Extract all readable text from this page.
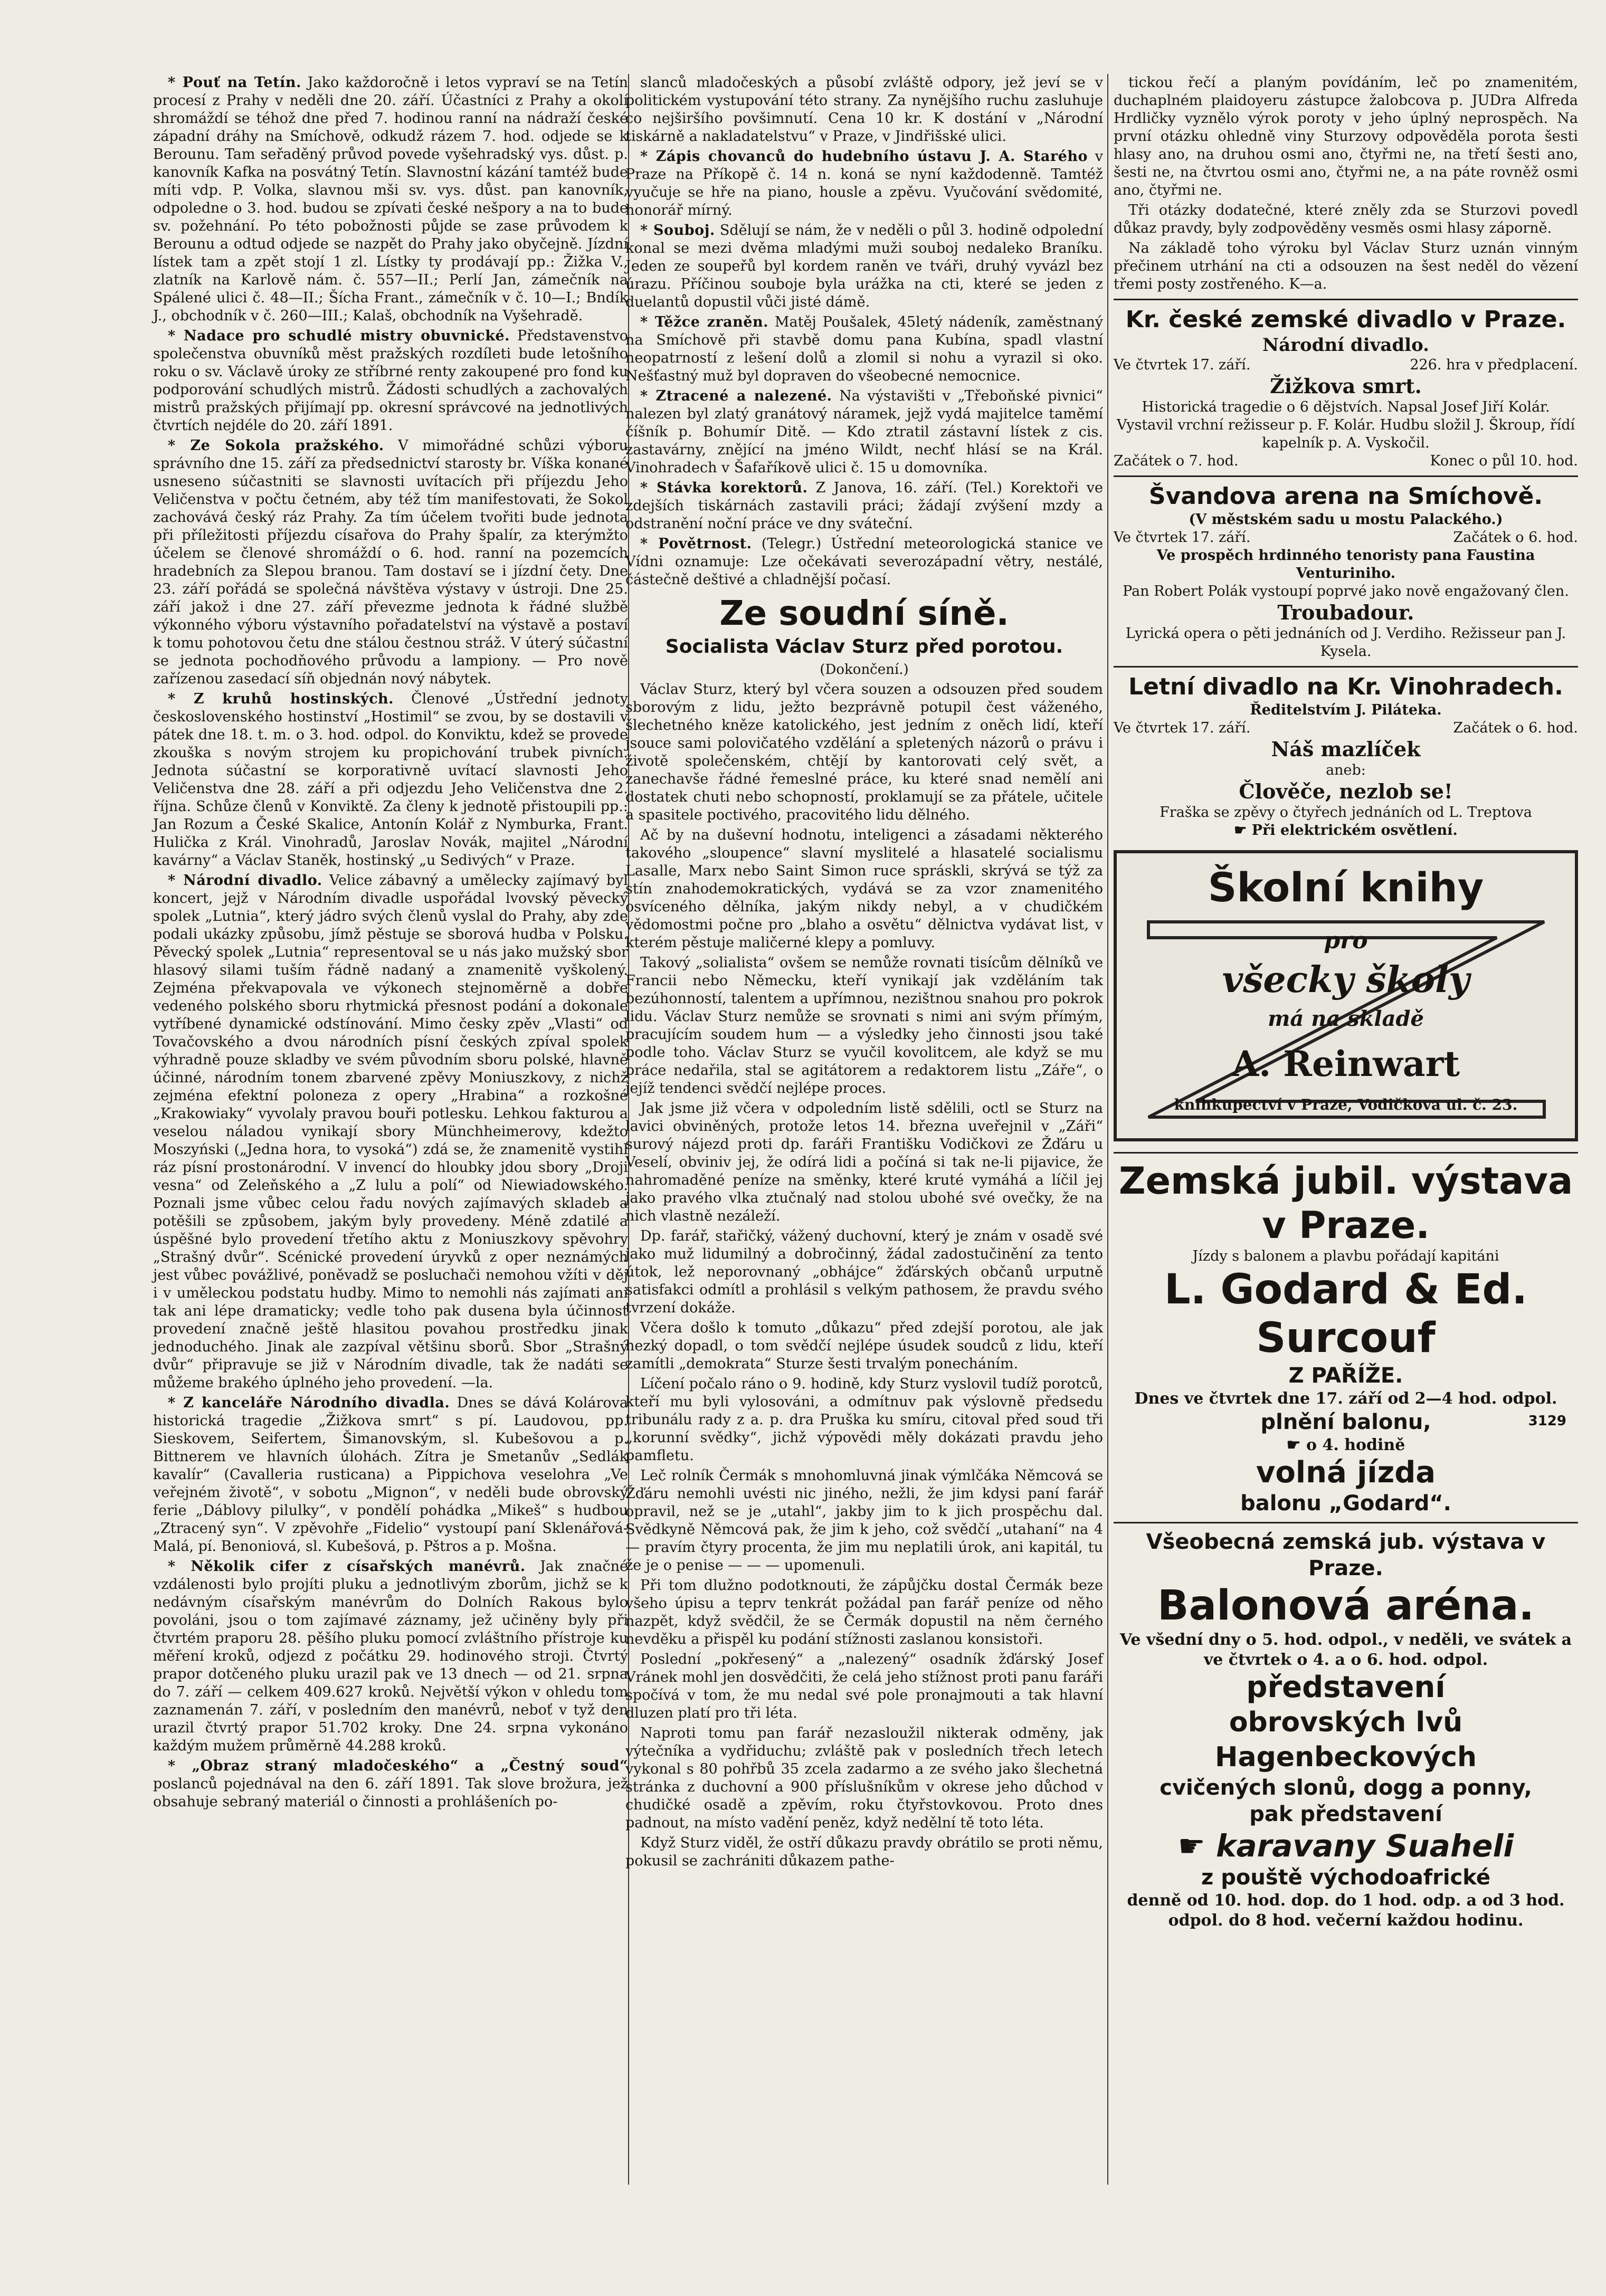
* Pouť na Tetín. Jako každoročně i letos vypraví se na Tetín procesí z Prahy v neděli dne 20. září. Účastníci z Prahy a okolí shromáždí se téhož dne před 7. hodinou ranní na nádraží české západní dráhy na Smíchově, odkudž rázem 7. hod. odjede se k Berounu. Tam seřaděný průvod povede vyšehradský vys. důst. p. kanovník Kafka na posvátný Tetín. Slavnostní kázání tamtéž bude míti vdp. P. Volka, slavnou mši sv. vys. důst. pan kanovník, odpoledne o 3. hod. budou se zpívati české nešpory a na to bude sv. požehnání. Po této pobožnosti půjde se zase průvodem k Berounu a odtud odjede se nazpět do Prahy jako obyčejně. Jízdní lístek tam a zpět stojí 1 zl. Lístky ty prodávají pp.: Žižka V., zlatník na Karlově nám. č. 557—II.; Perlí Jan, zámečník na Spálené ulici č. 48—II.; Šícha Frant., zámečník v č. 10—I.; Bndík J., obchodník v č. 260—III.; Kalaš, obchodník na Vyšehradě.

* Nadace pro schudlé mistry obuvnické. Představenstvo společenstva obuvníků měst pražských rozdíleti bude letošního roku o sv. Václavě úroky ze stříbrné renty zakoupené pro fond ku podporování schudlých mistrů. Žádosti schudlých a zachovalých mistrů pražských přijímají pp. okresní správcové na jednotlivých čtvrtích nejdéle do 20. září 1891.

* Ze Sokola pražského. V mimořádné schůzi výboru správního dne 15. září za předsednictví starosty br. Víška konané usneseno súčastniti se slavnosti uvítacích při příjezdu Jeho Veličenstva v počtu četném, aby též tím manifestovati, že Sokol zachovává český ráz Prahy. Za tím účelem tvořiti bude jednota při příležitosti příjezdu císařova do Prahy špalír, za kterýmžto účelem se členové shromáždí o 6. hod. ranní na pozemcích hradebních za Slepou branou. Tam dostaví se i jízdní čety. Dne 23. září pořádá se společná návštěva výstavy v ústroji. Dne 25. září jakož i dne 27. září převezme jednota k řádné službě výkonného výboru výstavního pořadatelství na výstavě a postaví k tomu pohotovou četu dne stálou čestnou stráž. V úterý súčastní se jednota pochodňového průvodu a lampiony. — Pro nově zařízenou zasedací síň objednán nový nábytek.

* Z kruhů hostinských. Členové „Ústřední jednoty československého hostinství „Hostimil“ se zvou, by se dostavili v pátek dne 18. t. m. o 3. hod. odpol. do Konviktu, kdež se provede zkouška s novým strojem ku propichování trubek pivních. Jednota súčastní se korporativně uvítací slavnosti Jeho Veličenstva dne 28. září a při odjezdu Jeho Veličenstva dne 2. října. Schůze členů v Konviktě. Za členy k jednotě přistoupili pp.: Jan Rozum a České Skalice, Antonín Kolář z Nymburka, Frant. Hulička z Král. Vinohradů, Jaroslav Novák, majitel „Národní kavárny“ a Václav Staněk, hostinský „u Sedivých“ v Praze.

* Národní divadlo. Velice zábavný a umělecky zajímavý byl koncert, jejž v Národním divadle uspořádal lvovský pěvecký spolek „Lutnia“, který jádro svých členů vyslal do Prahy, aby zde podali ukázky způsobu, jímž pěstuje se sborová hudba v Polsku. Pěvecký spolek „Lutnia“ representoval se u nás jako mužský sbor hlasový silami tuším řádně nadaný a znamenitě vyškolený. Zejména překvapovala ve výkonech stejnoměrně a dobře vedeného polského sboru rhytmická přesnost podání a dokonale vytříbené dynamické odstínování. Mimo česky zpěv „Vlasti“ od Tovačovského a dvou národních písní českých zpíval spolek výhradně pouze skladby ve svém původním sboru polské, hlavně účinné, národním tonem zbarvené zpěvy Moniuszkovy, z nichž zejména efektní poloneza z opery „Hrabina“ a rozkošné „Krakowiaky“ vyvolaly pravou bouři potlesku. Lehkou fakturou a veselou náladou vynikají sbory Münchheimerovy, kdežto Moszyński („Jedna hora, to vysoká“) zdá se, že znamenitě vystihl ráz písní prostonárodní. V invencí do hloubky jdou sbory „Droji vesna“ od Zeleňského a „Z lulu a polí“ od Niewiadowského. Poznali jsme vůbec celou řadu nových zajímavých skladeb a potěšili se způsobem, jakým byly provedeny. Méně zdatilé a úspěšné bylo provedení třetího aktu z Moniuszkovy spěvohry „Strašný dvůr“. Scénické provedení úryvků z oper neznámých jest vůbec povážlivé, poněvadž se posluchači nemohou vžíti v děj i v uměleckou podstatu hudby. Mimo to nemohli nás zajímati ani tak ani lépe dramaticky; vedle toho pak dusena byla účinnost provedení značně ještě hlasitou povahou prostředku jinak jednoduchého. Jinak ale zazpíval většinu sborů. Sbor „Strašný dvůr“ připravuje se již v Národním divadle, tak že nadáti se můžeme brakého úplného jeho provedení. —la.

* Z kanceláře Národního divadla. Dnes se dává Kolárova historická tragedie „Žižkova smrt“ s pí. Laudovou, pp. Sieskovem, Seifertem, Šimanovským, sl. Kubešovou a p. Bittnerem ve hlavních úlohách. Zítra je Smetanův „Sedlák kavalír“ (Cavalleria rusticana) a Pippichova veselohra „Ve veřejném životě“, v sobotu „Mignon“, v neděli bude obrovský ferie „Dáblovy pilulky“, v pondělí pohádka „Mikeš“ s hudbou „Ztracený syn“. V zpěvohře „Fidelio“ vystoupí paní Sklenářová-Malá, pí. Benoniová, sl. Kubešová, p. Pštros a p. Mošna.

* Několik cifer z císařských manévrů. Jak značné vzdálenosti bylo projíti pluku a jednotlivým zborům, jichž se k nedávným císařským manévrům do Dolních Rakous bylo povoláni, jsou o tom zajímavé záznamy, jež učiněny byly při čtvrtém praporu 28. pěšího pluku pomocí zvláštního přístroje ku měření kroků, odjezd z počátku 29. hodinového stroji. Čtvrtý prapor dotčeného pluku urazil pak ve 13 dnech — od 21. srpna do 7. září — celkem 409.627 kroků. Největší výkon v ohledu tom zaznamenán 7. září, v posledním den manévrů, neboť v tyž den urazil čtvrtý prapor 51.702 kroky. Dne 24. srpna vykonáno každým mužem průměrně 44.288 kroků.

* „Obraz straný mladočeského“ a „Čestný soud“ poslanců pojednával na den 6. září 1891. Tak slove brožura, jež obsahuje sebraný materiál o činnosti a prohlášeních po-

slanců mladočeských a působí zvláště odpory, jež jeví se v politickém vystupování této strany. Za nynějšího ruchu zasluhuje co nejširšího povšimnutí. Cena 10 kr. K dostání v „Národní tiskárně a nakladatelstvu“ v Praze, v Jindřišské ulici.

* Zápis chovanců do hudebního ústavu J. A. Starého v Praze na Příkopě č. 14 n. koná se nyní každodenně. Tamtéž vyučuje se hře na piano, housle a zpěvu. Vyučování svědomité, honorář mírný.

* Souboj. Sdělují se nám, že v neděli o půl 3. hodině odpolední konal se mezi dvěma mladými muži souboj nedaleko Braníku. Jeden ze soupeřů byl kordem raněn ve tváři, druhý vyvázl bez úrazu. Příčinou souboje byla urážka na cti, které se jeden z duelantů dopustil vůči jisté dámě.

* Těžce zraněn. Matěj Poušalek, 45letý nádeník, zaměstnaný na Smíchově při stavbě domu pana Kubína, spadl vlastní neopatrností z lešení dolů a zlomil si nohu a vyrazil si oko. Nešťastný muž byl dopraven do všeobecné nemocnice.

* Ztracené a nalezené. Na výstavišti v „Třeboňské pivnici“ nalezen byl zlatý granátový náramek, jejž vydá majitelce taměmí číšník p. Bohumír Ditě. — Kdo ztratil zástavní lístek z cis. zastavárny, znějící na jméno Wildt, nechť hlásí se na Král. Vinohradech v Šafaříkově ulici č. 15 u domovníka.

* Stávka korektorů. Z Janova, 16. září. (Tel.) Korektoři ve zdejších tiskárnách zastavili práci; žádají zvýšení mzdy a odstranění noční práce ve dny sváteční.

* Povětrnost. (Telegr.) Ústřední meteorologická stanice ve Vídni oznamuje: Lze očekávati severozápadní větry, nestálé, částečně deštivé a chladnější počasí.

Ze soudní síně.
Socialista Václav Sturz před porotou.
(Dokončení.)

Václav Sturz, který byl včera souzen a odsouzen před soudem sborovým z lidu, ježto bezprávně potupil čest váženého, šlechetného kněze katolického, jest jedním z oněch lidí, kteří jsouce sami polovičatého vzdělání a spletených názorů o právu i životě společenském, chtějí by kantorovati celý svět, a zanechavše řádné řemeslné práce, ku které snad nemělí ani dostatek chuti nebo schopností, proklamují se za přátele, učitele a spasitele poctivého, pracovitého lidu dělného.

Ač by na duševní hodnotu, inteligenci a zásadami některého takového „sloupence“ slavní myslitelé a hlasatelé socialismu Lasalle, Marx nebo Saint Simon ruce spráskli, skrývá se týž za stín znahodemokratických, vydává se za vzor znamenitého osvíceného dělníka, jakým nikdy nebyl, a v chudičkém vědomostmi počne pro „blaho a osvětu“ dělnictva vydávat list, v kterém pěstuje maličerné klepy a pomluvy.

Takový „solialista“ ovšem se nemůže rovnati tisícům dělníků ve Francii nebo Německu, kteří vynikají jak vzděláním tak bezúhonností, talentem a upřímnou, nezištnou snahou pro pokrok lidu. Václav Sturz nemůže se srovnati s nimi ani svým přímým, pracujícím soudem hum — a výsledky jeho činnosti jsou také podle toho. Václav Sturz se vyučil kovolitcem, ale když se mu práce nedařila, stal se agitátorem a redaktorem listu „Záře“, o jejíž tendenci svědčí nejlépe proces.

Jak jsme již včera v odpoledním listě sdělili, octl se Sturz na lavici obviněných, protože letos 14. března uveřejnil v „Záři“ surový nájezd proti dp. faráři Františku Vodičkovi ze Žďáru u Veselí, obviniv jej, že odírá lidi a počíná si tak ne-li pijavice, že nahromaděné peníze na směnky, které kruté vymáhá a líčil jej jako pravého vlka ztučnalý nad stolou ubohé své ovečky, že na nich vlastně nezáleží.

Dp. farář, stařičký, vážený duchovní, který je znám v osadě své jako muž lidumilný a dobročinný, žádal zadostučinění za tento útok, lež neporovnaný „obhájce“ žďárských občanů urputně satisfakci odmítl a prohlásil s velkým pathosem, že pravdu svého tvrzení dokáže.

Včera došlo k tomuto „důkazu“ před zdejší porotou, ale jak hezký dopadl, o tom svědčí nejlépe úsudek soudců z lidu, kteří zamítli „demokrata“ Sturze šesti trvalým ponecháním.

Líčení počalo ráno o 9. hodině, kdy Sturz vyslovil tudíž porotců, kteří mu byli vylosováni, a odmítnuv pak výslovně předsedu tribunálu rady z a. p. dra Pruška ku smíru, citoval před soud tři „korunní svědky“, jichž výpovědi měly dokázati pravdu jeho pamfletu.

Leč rolník Čermák s mnohomluvná jinak výmlčáka Němcová se Žďáru nemohli uvésti nic jiného, nežli, že jim kdysi paní farář opravil, než se je „utahl“, jakby jim to k jich prospěchu dal. Svědkyně Němcová pak, že jim k jeho, což svědčí „utahaní“ na 4 — pravím čtyry procenta, že jim mu neplatili úrok, ani kapitál, tu že je o penise — — — upomenuli.

Při tom dlužno podotknouti, že zápůjčku dostal Čermák beze všeho úpisu a teprv tenkrát požádal pan farář peníze od něho nazpět, když svědčil, že se Čermák dopustil na něm černého nevděku a přispěl ku podání stížnosti zaslanou konsistoři.

Poslední „pokřesený“ a „nalezený“ osadník žďárský Josef Vránek mohl jen dosvědčiti, že celá jeho stížnost proti panu faráři spočívá v tom, že mu nedal své pole pronajmouti a tak hlavní dluzen platí pro tři léta.

Naproti tomu pan farář nezasloužil nikterak odměny, jak výtečníka a vydřiduchu; zvláště pak v posledních třech letech vykonal s 80 pohřbů 35 zcela zadarmo a ze svého jako šlechetná stránka z duchovní a 900 příslušníkům v okrese jeho důchod v chudičké osadě a zpěvím, roku čtyřstovkovou. Proto dnes padnout, na místo vadění peněz, když nedělní tě toto léta.

Když Sturz viděl, že ostří důkazu pravdy obrátilo se proti němu, pokusil se zachrániti důkazem pathe-

tickou řečí a planým povídáním, leč po znamenitém, duchaplném plaidoyeru zástupce žalobcova p. JUDra Alfreda Hrdličky vyznělo výrok poroty v jeho úplný neprospěch. Na první otázku ohledně viny Sturzovy odpověděla porota šesti hlasy ano, na druhou osmi ano, čtyřmi ne, na třetí šesti ano, šesti ne, na čtvrtou osmi ano, čtyřmi ne, a na páte rovněž osmi ano, čtyřmi ne.

Tři otázky dodatečné, které zněly zda se Sturzovi povedl důkaz pravdy, byly zodpověděny vesměs osmi hlasy záporně.

Na základě toho výroku byl Václav Sturz uznán vinným přečinem utrhání na cti a odsouzen na šest neděl do vězení třemi posty zostřeného. K—a.

Kr. české zemské divadlo v Praze.
Národní divadlo.
Ve čtvrtek 17. září.	226. hra v předplacení.
Žižkova smrt.
Historická tragedie o 6 dějstvích. Napsal Josef Jiří Kolár. Vystavil vrchní režisseur p. F. Kolár. Hudbu složil J. Škroup, řídí kapelník p. A. Vyskočil.
Začátek o 7. hod.	Konec o půl 10. hod.
Švandova arena na Smíchově.
(V městském sadu u mostu Palackého.)
Ve čtvrtek 17. září.	Začátek o 6. hod.
Ve prospěch hrdinného tenoristy pana Faustina Venturiniho.
Pan Robert Polák vystoupí poprvé jako nově engažovaný člen.
Troubadour.
Lyrická opera o pěti jednáních od J. Verdiho. Režisseur pan J. Kysela.
Letní divadlo na Kr. Vinohradech.
Ředitelstvím J. Piláteka.
Ve čtvrtek 17. září.	Začátek o 6. hod.
Náš mazlíček
aneb:
Člověče, nezlob se!
Fraška se zpěvy o čtyřech jednáních od L. Treptova
☛ Při elektrickém osvětlení.
Školní knihy
pro
všecky školy
má na skladě
A. Reinwart
knihkupectví v Praze, Vodičkova ul. č. 23.
Zemská jubil. výstava v Praze.
Jízdy s balonem a plavbu pořádají kapitáni
L. Godard & Ed. Surcouf
Z PAŘÍŽE.
Dnes ve čtvrtek dne 17. září od 2—4 hod. odpol.
plnění balonu,	3129
☛ o 4. hodině
volná jízda
balonu „Godard“.
Všeobecná zemská jub. výstava v Praze.
Balonová aréna.
Ve všední dny o 5. hod. odpol., v neděli, ve svátek a ve čtvrtek o 4. a o 6. hod. odpol.
představení
obrovských lvů Hagenbeckových
cvičených slonů, dogg a ponny,
pak představení
☛ karavany Suaheli
z pouště východoafrické
denně od 10. hod. dop. do 1 hod. odp. a od 3 hod. odpol. do 8 hod. večerní každou hodinu.
